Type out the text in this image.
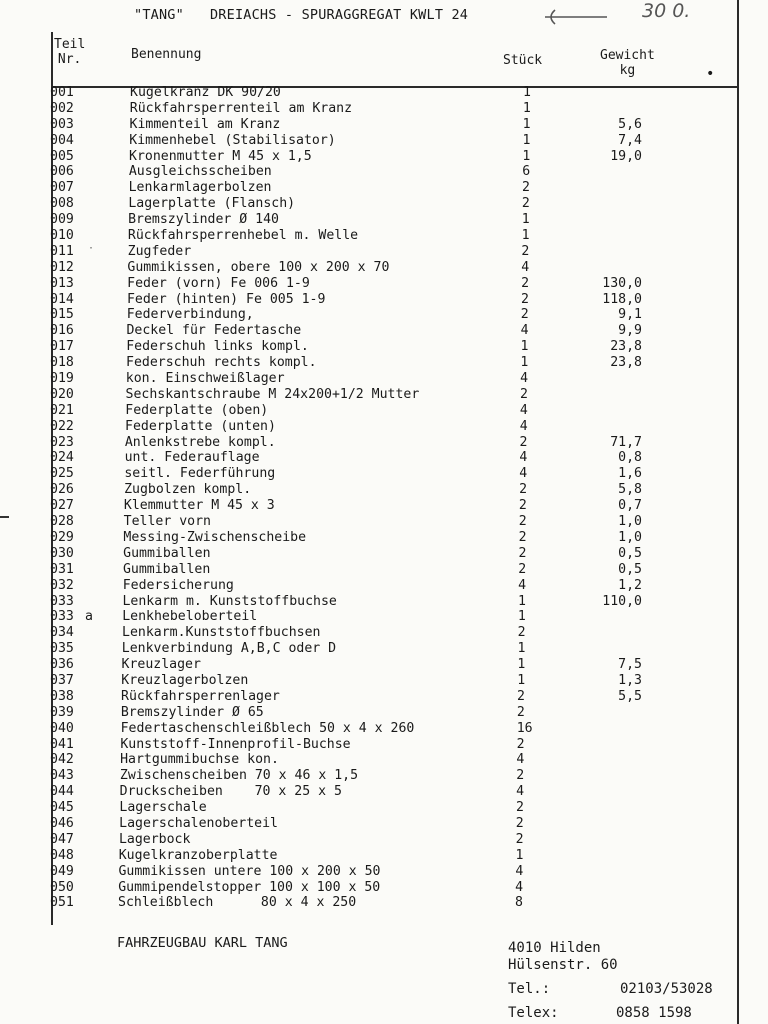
"TANG" DREIACHS - SPURAGGREGAT KWLT 24	30 0.
Teil
Nr.	Benennung	Stück	Gewicht
kg	•
·
001	Kugelkranz DK 90/20	1
002	Rückfahrsperrenteil am Kranz	1
003	Kimmenteil am Kranz	1	5,6
004	Kimmenhebel (Stabilisator)	1	7,4
005	Kronenmutter M 45 x 1,5	1	19,0
006	Ausgleichsscheiben	6
007	Lenkarmlagerbolzen	2
008	Lagerplatte (Flansch)	2
009	Bremszylinder Ø 140	1
010	Rückfahrsperrenhebel m. Welle	1
011	Zugfeder	2
012	Gummikissen, obere 100 x 200 x 70	4
013	Feder (vorn) Fe 006 1-9	2	130,0
014	Feder (hinten) Fe 005 1-9	2	118,0
015	Federverbindung,	2	9,1
016	Deckel für Federtasche	4	9,9
017	Federschuh links kompl.	1	23,8
018	Federschuh rechts kompl.	1	23,8
019	kon. Einschweißlager	4
020	Sechskantschraube M 24x200+1/2 Mutter	2
021	Federplatte (oben)	4
022	Federplatte (unten)	4
023	Anlenkstrebe kompl.	2	71,7
024	unt. Federauflage	4	0,8
025	seitl. Federführung	4	1,6
026	Zugbolzen kompl.	2	5,8
027	Klemmutter M 45 x 3	2	0,7
028	Teller vorn	2	1,0
029	Messing-Zwischenscheibe	2	1,0
030	Gummiballen	2	0,5
031	Gummiballen	2	0,5
032	Federsicherung	4	1,2
033	Lenkarm m. Kunststoffbuchse	1	110,0
033 a Lenkhebeloberteil	1
034	Lenkarm.Kunststoffbuchsen	2
035	Lenkverbindung A,B,C oder D	1
036	Kreuzlager	1	7,5
037	Kreuzlagerbolzen	1	1,3
038	Rückfahrsperrenlager	2	5,5
039	Bremszylinder Ø 65	2
040	Federtaschenschleißblech 50 x 4 x 260	16
041	Kunststoff-Innenprofil-Buchse	2
042	Hartgummibuchse kon.	4
043	Zwischenscheiben 70 x 46 x 1,5	2
044	Druckscheiben    70 x 25 x 5	4
045	Lagerschale	2
046	Lagerschalenoberteil	2
047	Lagerbock	2
048	Kugelkranzoberplatte	1
049	Gummikissen untere 100 x 200 x 50	4
050	Gummipendelstopper 100 x 100 x 50	4
051	Schleißblech      80 x 4 x 250	8
FAHRZEUGBAU KARL TANG	4010 Hilden
Hülsenstr. 60
Tel.:	02103/53028
Telex:	0858 1598
